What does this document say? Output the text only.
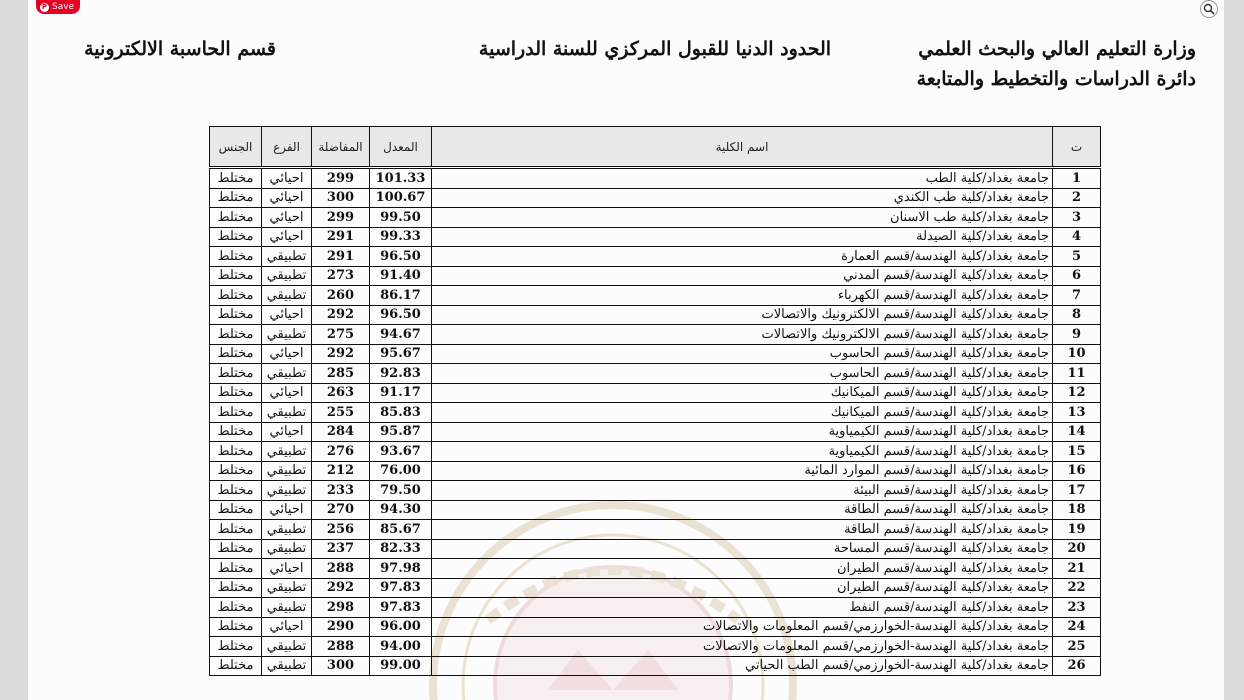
وزارة التعليم العالي والبحث العلمي
دائرة الدراسات والتخطيط والمتابعة
الحدود الدنيا للقبول المركزي للسنة الدراسية
قسم الحاسبة الالكترونية
ت	اسم الكلية	المعدل	المفاضلة	الفرع	الجنس
1	جامعة بغداد/كلية الطب	101.33	299	احيائي	مختلط
2	جامعة بغداد/كلية طب الكندي	100.67	300	احيائي	مختلط
3	جامعة بغداد/كلية طب الاسنان	99.50	299	احيائي	مختلط
4	جامعة بغداد/كلية الصيدلة	99.33	291	احيائي	مختلط
5	جامعة بغداد/كلية الهندسة/قسم العمارة	96.50	291	تطبيقي	مختلط
6	جامعة بغداد/كلية الهندسة/قسم المدني	91.40	273	تطبيقي	مختلط
7	جامعة بغداد/كلية الهندسة/قسم الكهرباء	86.17	260	تطبيقي	مختلط
8	جامعة بغداد/كلية الهندسة/قسم الالكترونيك والاتصالات	96.50	292	احيائي	مختلط
9	جامعة بغداد/كلية الهندسة/قسم الالكترونيك والاتصالات	94.67	275	تطبيقي	مختلط
10	جامعة بغداد/كلية الهندسة/قسم الحاسوب	95.67	292	احيائي	مختلط
11	جامعة بغداد/كلية الهندسة/قسم الحاسوب	92.83	285	تطبيقي	مختلط
12	جامعة بغداد/كلية الهندسة/قسم الميكانيك	91.17	263	احيائي	مختلط
13	جامعة بغداد/كلية الهندسة/قسم الميكانيك	85.83	255	تطبيقي	مختلط
14	جامعة بغداد/كلية الهندسة/قسم الكيمياوية	95.87	284	احيائي	مختلط
15	جامعة بغداد/كلية الهندسة/قسم الكيمياوية	93.67	276	تطبيقي	مختلط
16	جامعة بغداد/كلية الهندسة/قسم الموارد المائية	76.00	212	تطبيقي	مختلط
17	جامعة بغداد/كلية الهندسة/قسم البيئة	79.50	233	تطبيقي	مختلط
18	جامعة بغداد/كلية الهندسة/قسم الطاقة	94.30	270	احيائي	مختلط
19	جامعة بغداد/كلية الهندسة/قسم الطاقة	85.67	256	تطبيقي	مختلط
20	جامعة بغداد/كلية الهندسة/قسم المساحة	82.33	237	تطبيقي	مختلط
21	جامعة بغداد/كلية الهندسة/قسم الطيران	97.98	288	احيائي	مختلط
22	جامعة بغداد/كلية الهندسة/قسم الطيران	97.83	292	تطبيقي	مختلط
23	جامعة بغداد/كلية الهندسة/قسم النفط	97.83	298	تطبيقي	مختلط
24	جامعة بغداد/كلية الهندسة-الخوارزمي/قسم المعلومات والاتصالات	96.00	290	احيائي	مختلط
25	جامعة بغداد/كلية الهندسة-الخوارزمي/قسم المعلومات والاتصالات	94.00	288	تطبيقي	مختلط
26	جامعة بغداد/كلية الهندسة-الخوارزمي/قسم الطب الحياتي	99.00	300	تطبيقي	مختلط
P Save
